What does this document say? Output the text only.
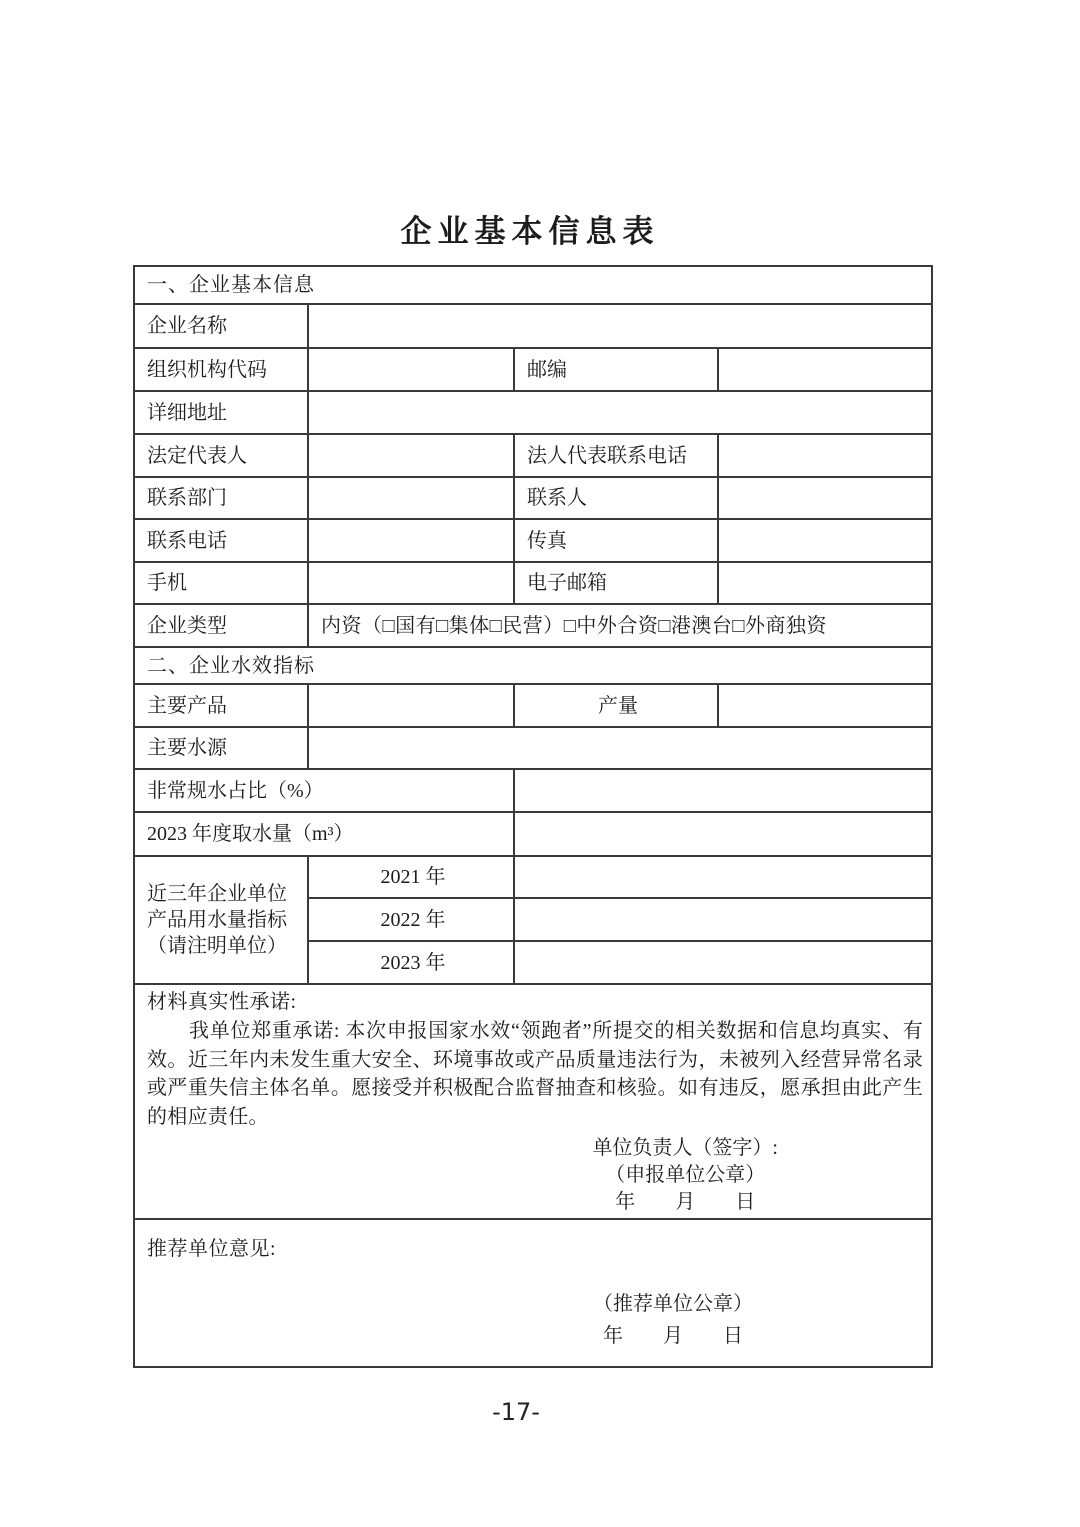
企业基本信息表
一、企业基本信息			
企业名称			
组织机构代码		邮编	
详细地址			
法定代表人		法人代表联系电话	
联系部门		联系人	
联系电话		传真	
手机		电子邮箱	
企业类型	内资（□国有□集体□民营）□中外合资□港澳台□外商独资		
二、企业水效指标			
主要产品		产量	
主要水源			
非常规水占比（%）			
2023 年度取水量（m³）			

近三年企业单位
产品用水量指标
（请注明单位）	2021 年		
	2022 年		
	2023 年		

材料真实性承诺:
我单位郑重承诺: 本次申报国家水效“领跑者”所提交的相关数据和信息均真实、有效。近三年内未发生重大安全、环境事故或产品质量违法行为，未被列入经营异常名录或严重失信主体名单。愿接受并积极配合监督抽查和核验。如有违反，愿承担由此产生的相应责任。
单位负责人（签字）:
（申报单位公章）
年　　月　　日			

推荐单位意见:
（推荐单位公章）
年　　月　　日			
-17-
